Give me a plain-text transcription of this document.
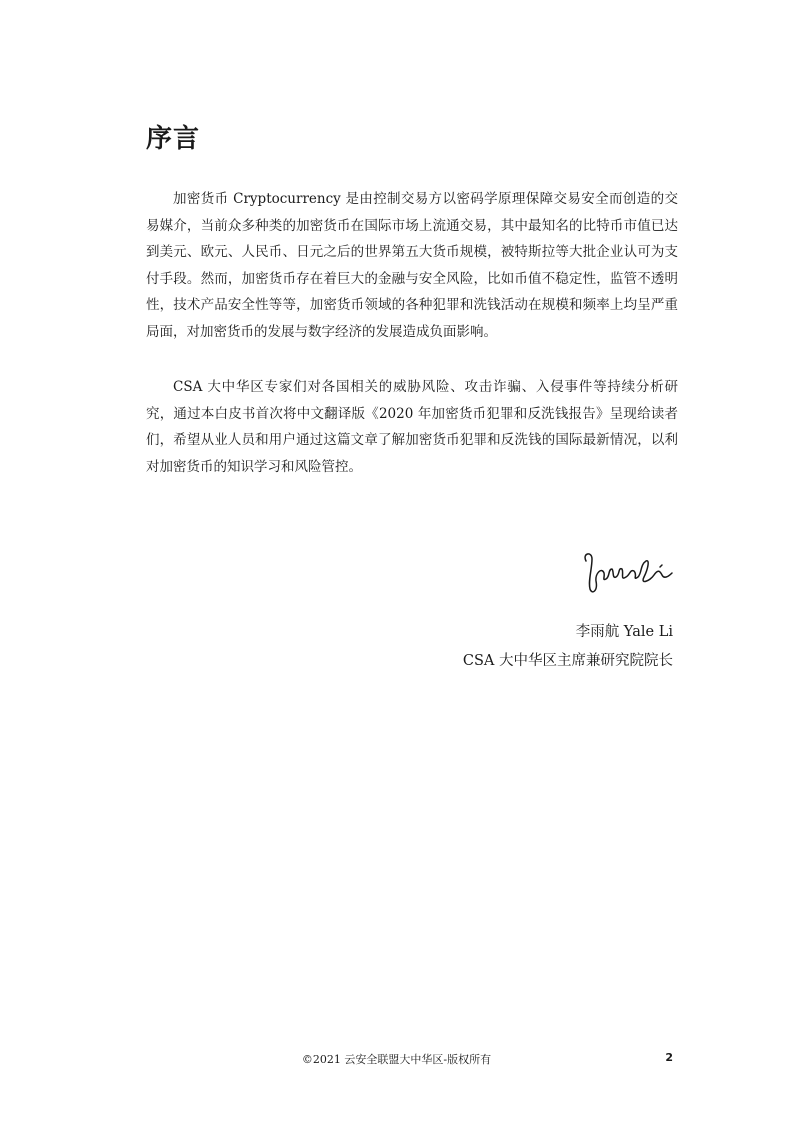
序言

加密货币 Cryptocurrency 是由控制交易方以密码学原理保障交易安全而创造的交易媒介，当前众多种类的加密货币在国际市场上流通交易，其中最知名的比特币市值已达到美元、欧元、人民币、日元之后的世界第五大货币规模，被特斯拉等大批企业认可为支付手段。然而，加密货币存在着巨大的金融与安全风险，比如币值不稳定性，监管不透明性，技术产品安全性等等，加密货币领域的各种犯罪和洗钱活动在规模和频率上均呈严重局面，对加密货币的发展与数字经济的发展造成负面影响。

CSA 大中华区专家们对各国相关的威胁风险、攻击诈骗、入侵事件等持续分析研究，通过本白皮书首次将中文翻译版《2020 年加密货币犯罪和反洗钱报告》呈现给读者们，希望从业人员和用户通过这篇文章了解加密货币犯罪和反洗钱的国际最新情况，以利对加密货币的知识学习和风险管控。

李雨航 Yale Li
CSA 大中华区主席兼研究院院长
©2021 云安全联盟大中华区-版权所有	2
